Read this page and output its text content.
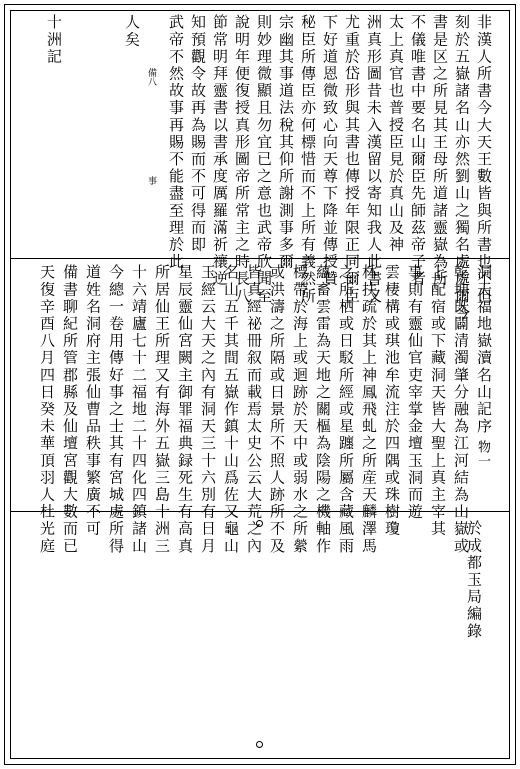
非漢人所書今大天王數皆與所書也不但
刻於五嶽諸名山亦然劉山之獨名處處爾今
書是区之所見其王母所道諸靈嶽為所
不儀唯書中要名山爾臣先師茲帝子者
太上真官也普授臣見於真山及神
洲真形圖昔未入漢留以寄知我人此書又
尤重於岱形與其書也傳授年限正同爾臣
下好道恩微致心向天尊下降並傳授贊
秘臣所傳臣亦何標惜而不上所有義然所
宗幽其事道法稅其仰所謝測事多爾
則妙理微顯且勿宜已之意也武帝欣聞至
說明年便復授真形圖帝所常主之時長八
節常明拜靈書以書承度厲羅滿祈禳逆
知預觀令故再為賜而不可得而即
武帝不然故事再賜不能盡至理於此
備八
事
人矣
十洲記
洞天福地嶽瀆名山記序
乾坤既闢清濁肇分融為江河結為山嶽或
上配宿或下藏洞天皆大聖上真主宰其
事則有靈仙官吏宰掌金壇玉洞而遊
雲棲構或琪池牟流注於四隅或珠樹瓊
林扶疏於其上神鳳飛虬之所産天麟澤馬
之所栖或日駁所經或星躔所屬含藏風雨
蘊畜雲雷為天地之關樞為陰陽之機軸作
標帶於海上或迴跡於天中或弱水之所縈
或洪濤之所隔或日景所不照人跡所不及
皆真經祕冊叙而載焉太史公云大荒之內
名山五千其間五嶽作鎮十山爲佐又龜山
玉經云大天之內有洞天三十六別有日月
星辰靈仙宮闕主御罪福典録死生有高真
所居仙王所理又有海外五嶽三島十洲三
十六靖廬七十二福地二十四化四鎮諸山
今總一卷用傳好事之士其有宮城處所得
道姓名洞府主張仙曹品秩事繁廣不可
備書聊紀所管郡縣及仙壇宮觀大數而已
天復辛酉八月四日癸未華頂羽人杜光庭	物一
於成都玉局編錄
